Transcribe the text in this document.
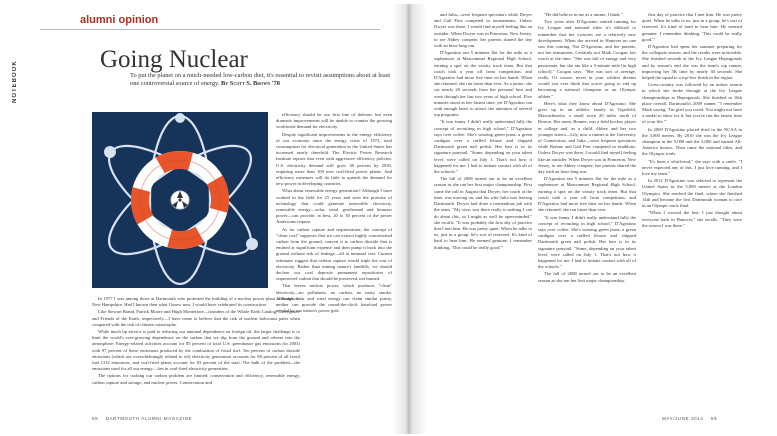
NOTEBOOK
alumni opinion
Going Nuclear
To put the planet on a much-needed low-carbon diet, it's essential to revisit assumptions about at least one controversial source of energy. By Scott S. Brown '78

In 1977 I was among those at Dartmouth who protested the building of a nuclear power plant at Seabrook, New Hampshire. Had I known then what I know now, I would have celebrated its construction.

Like Stewart Brand, Patrick Moore and Hugh Montefiore—founders of the Whole Earth Catalog, Greenpeace and Friends of the Earth, respectively—I have come to believe that the risk of nuclear holocaust pales when compared with the risk of climate catastrophe.

While much lip service is paid to reducing our national dependence on foreign oil, the larger challenge is to limit the world's ever-growing dependence on the carbon that we dig from the ground and release into the atmosphere. Energy-related activities account for 85 percent of total U.S. greenhouse gas emissions (in 2003) with 97 percent of these emissions produced by the combustion of fossil fuel. Ten percent of carbon dioxide emissions (which are overwhelmingly related to oil) electricity generation accounts for 80 percent of all fossil fuel CO2 emissions, and coal-fired plants account for 83 percent of the total. The bulk of the problem—the emissions used for all our energy—lies in coal-fired electricity generation.

The options for curbing our carbon problem are limited: conservation and efficiency, renewable energy, carbon capture and storage, and nuclear power. Conservation and

efficiency should be our first line of defense, but even dramatic improvements will be unable to counter the growing worldwide demand for electricity.

Despite significant improvements in the energy efficiency of our economy since the energy crisis of 1973, total consumption for electrical generation in the United States has increased nearly threefold. The Electric Power Research Institute reports that even with aggressive efficiency policies, U.S. electricity demand will grow 40 percent by 2030, requiring more than 100 new coal-fired power plants. And efficiency measures will do little to quench the demand for new power in developing countries.

What about renewable energy generation? Although I have worked in the field for 25 years and seen the promise of technology that could generate renewable electricity, renewable energy—solar, wind, geothermal and biomass power—can provide, at best, 20 to 30 percent of the power Americans require.

As for carbon capture and sequestration, the concept of "clean coal" supposes that we can extract highly concentrated carbon from the ground, convert it to carbon dioxide that is emitted at significant expense and then pump it back into the ground without risk of leakage—all at minimal cost. Current estimates suggest that carbon capture would triple the cost of electricity. Rather than mining nature's landfills, we should declare our coal deposits permanent repositories of sequestered carbon that should be preserved, not burned.

That leaves nuclear power, which produces "clean" electricity—no pollutants, no carbon, no nasty smoke. Although solar and wind energy can claim similar purity, neither can provide the round-the-clock baseload power needed by our nation's power grid.

58 DARTMOUTH ALUMNI MAGAZINE

and Julia—were frequent spectators while Dwyer and Gail Fitts competed in tournaments. Unless Dwyer was there, I would find myself feeling like an outsider. When Dwyer was in Princeton, New Jersey, to see Abbey compete, her parents shared the day with an hour-long run.

D'Agostino ran 5 minutes flat for the mile as a sophomore at Mascommet Regional High School, earning a spot on the varsity track team. But that coach took a year off from competition, and D'Agostino had more free time on her hands. When she returned, she ran faster than ever. As a junior, she cut nearly 20 seconds from her personal best and went through her last two years of high school. Five minutes stood as her fastest time, yet D'Agostino ran with enough heart to attract the attention of several top programs.

"It was funny. I didn't really understand fully the concept of recruiting in high school," D'Agostino says over coffee. She's wearing green jeans, a green cardigan over a ruffled blouse and chipped Dartmouth green nail polish. Her hair is in its signature ponytail. "Some, depending on your talent level, were called on July 1. That's not how it happened for me. I had to initiate contact with all of the schools."

The fall of 2008 turned out to be an excellent season as she ran her first major championship. First came the call in August that Dwyer, her coach at the time, was moving on, and his wife Julia was leaving Dartmouth. Dwyer had done a tremendous job with the team. "My view was there really is nothing I can do about this, so I might as well be open-minded," she recalls. "It was probably the first day of practice that I met him. He was pretty quiet. When he talks to us, just in a group, he's sort of reserved. It's kind of hard to hear him. He seemed genuine. I remember thinking, 'This could be really good.'"

"He did believe in me as a runner, I think."

Two years after D'Agostino started running for Ivy League and national titles it's difficult to remember that her victories are a relatively new development. When she arrived in Hanover no one saw this coming. Not D'Agostino, and her parents, not her teammates. Certainly not Mark Coogan, her coach at the time. "She was full of energy and very passionate, but she ran like a 5-minute mile [in high school]," Coogan says. "She was sort of average, really. Of course, never in your wildest dreams would you ever think that you're going to end up becoming a national champion or an Olympic athlete."

Here's what they know about D'Agostino. She grew up in an athletic family in Topsfield, Massachusetts, a small town 20 miles north of Boston. Her mom, Bonnie, was a field hockey player in college and, as a child, Abbey and her two younger sisters—Lily, now a runner at the University of Connecticut, and Julia—were frequent spectators while Bonnie and Gail Fitts competed in triathlons. Unless Dwyer was there, I would find myself feeling like an outsider. When Dwyer was in Princeton, New Jersey, to see Abbey compete, her parents shared the day with an hour-long run.

D'Agostino ran 5 minutes flat for the mile as a sophomore at Mascommet Regional High School, earning a spot on the varsity track team. But that coach took a year off from competition, and D'Agostino had more free time on her hands. When she returned, she ran faster than ever.

"It was funny. I didn't really understand fully the concept of recruiting in high school," D'Agostino says over coffee. She's wearing green jeans, a green cardigan over a ruffled blouse and chipped Dartmouth green nail polish. Her hair is in its signature ponytail. "Some, depending on your talent level, were called on July 1. That's not how it happened for me. I had to initiate contact with all of the schools."

The fall of 2008 turned out to be an excellent season as she ran her first major championship.

first day of practice that I met him. He was pretty quiet. When he talks to us, just in a group, he's sort of reserved. It's kind of hard to hear him. He seemed genuine. I remember thinking, 'This could be really good.'"

D'Agostino had spent her summer preparing for the collegiate season, and the results were noticeable. She finished seventh at the Ivy League Heptagonals and by season's end she was the team's top runner, improving her 5K time by nearly 30 seconds. She helped the squad to a top-five finish in the region.

Cross-country was followed by an indoor season in which she broke through at the Ivy League championships at Heptagonals. She finished in 16th place overall, Dartmouth's 2009 runner. "I remember Mark saying, 'I'm glad you raced. You might not have a medal to show for it, but you've run the fastest time of your life.'"

In 2009 D'Agostino placed third in the NCAA in the 3,000 meters. By 2010 she was the Ivy League champion in the 5,000 and the 3,000 and earned All-America honors. Then came the national titles, and the Olympic trials.

"It's been a whirlwind," she says with a smile. "I never expected any of this. I just love running, and I love my team."

In 2012 D'Agostino was selected to represent the United States in the 5,000 meters at the London Olympics. She reached the final, where she finished 14th and became the first Dartmouth woman to race in an Olympic track final.

"When I crossed the line, I just thought about everyone back in Hanover," she recalls. "They were the reason I was there."

MAY/JUNE 2014 59
